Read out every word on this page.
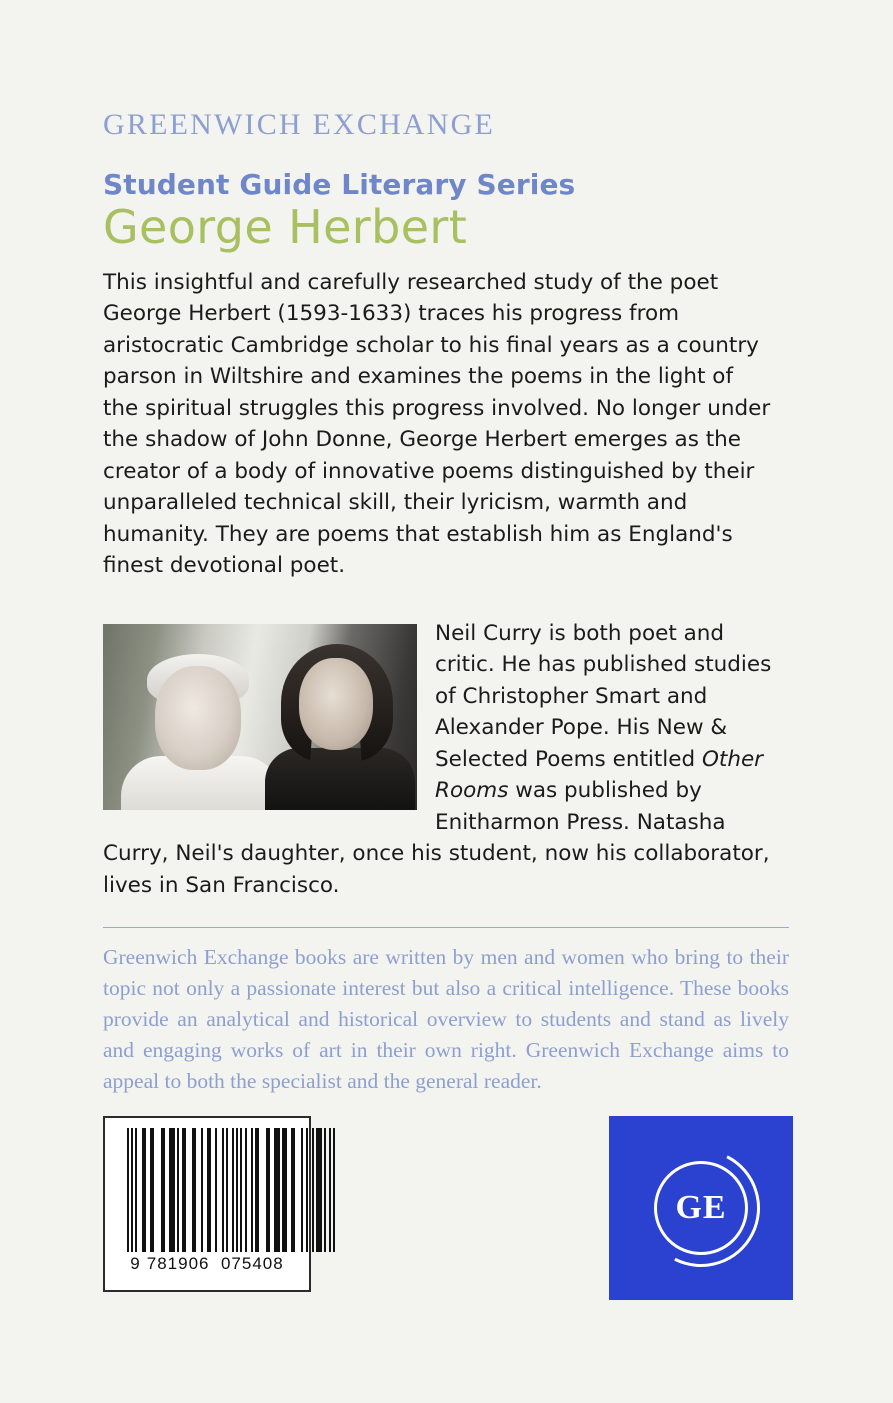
GREENWICH EXCHANGE
Student Guide Literary Series
George Herbert

This insightful and carefully researched study of the poet George Herbert (1593-1633) traces his progress from aristocratic Cambridge scholar to his final years as a country parson in Wiltshire and examines the poems in the light of the spiritual struggles this progress involved. No longer under the shadow of John Donne, George Herbert emerges as the creator of a body of innovative poems distinguished by their unparalleled technical skill, their lyricism, warmth and humanity. They are poems that establish him as England's finest devotional poet.

Neil Curry is both poet and critic. He has published studies of Christopher Smart and Alexander Pope. His New & Selected Poems entitled Other Rooms was published by Enitharmon Press. Natasha Curry, Neil's daughter, once his student, now his collaborator, lives in San Francisco.

Greenwich Exchange books are written by men and women who bring to their topic not only a passionate interest but also a critical intelligence. These books provide an analytical and historical overview to students and stand as lively and engaging works of art in their own right. Greenwich Exchange aims to appeal to both the specialist and the general reader.

9 781906 075408
GE
